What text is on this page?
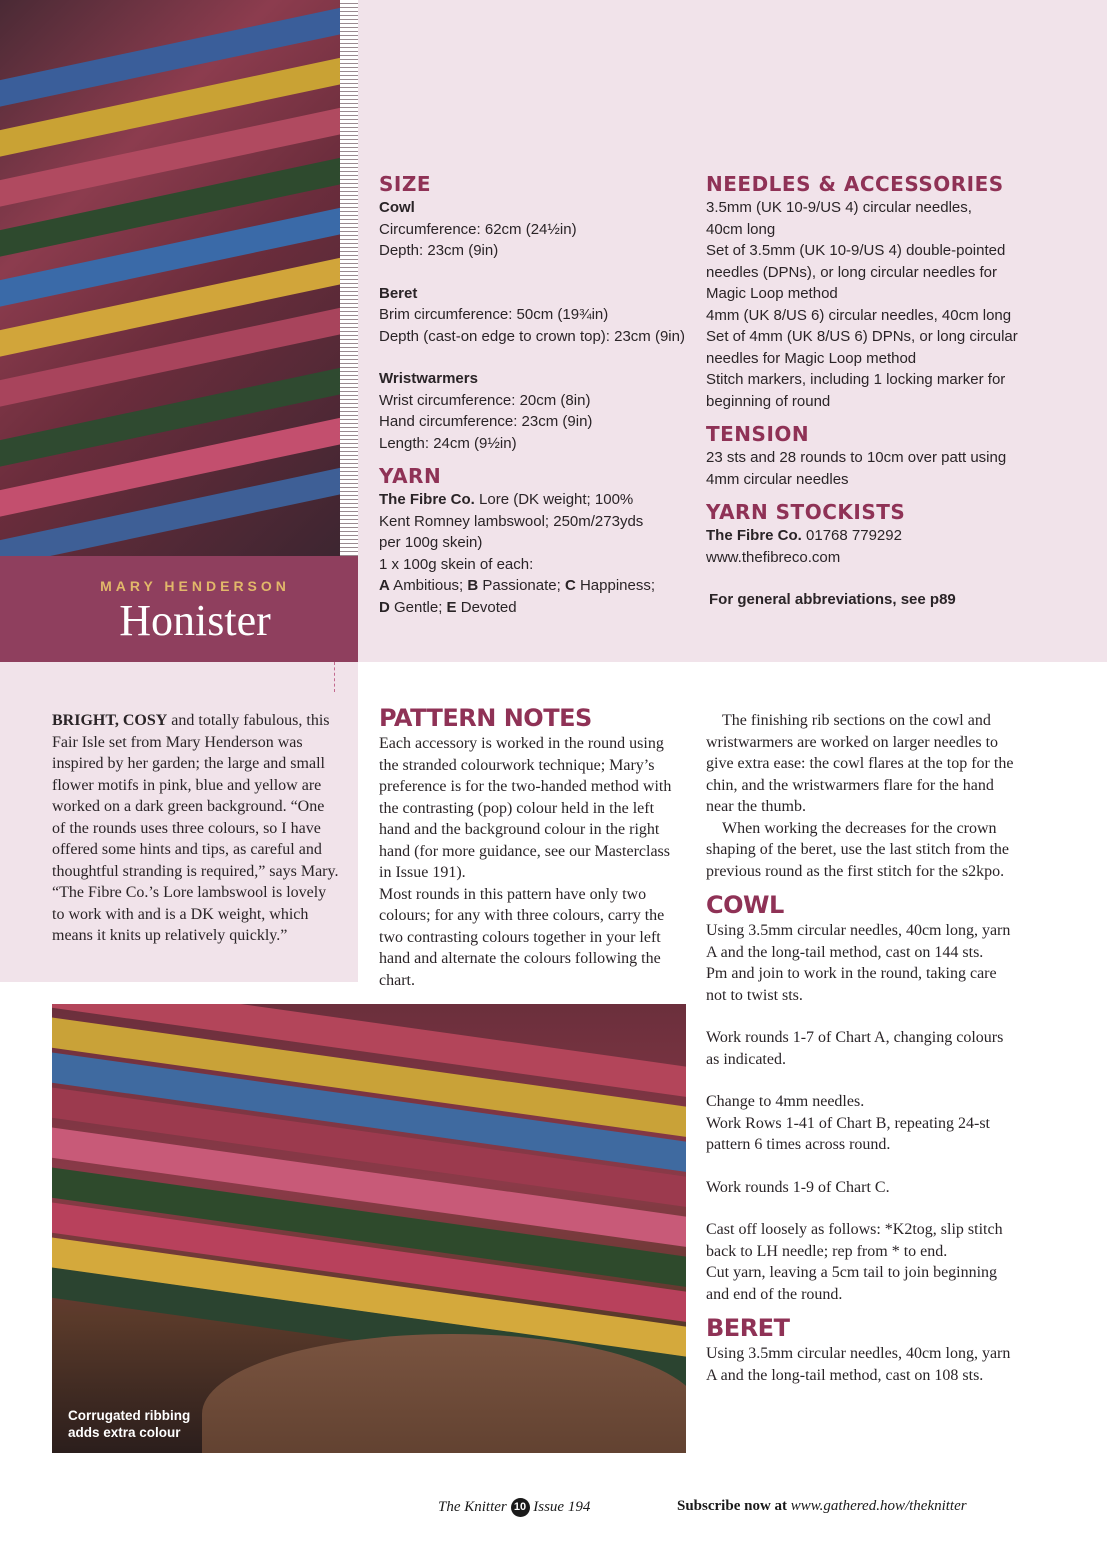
MARY HENDERSON
Honister
SIZE
Cowl
Circumference: 62cm (24½in)
Depth: 23cm (9in)
Beret
Brim circumference: 50cm (19¾in)
Depth (cast-on edge to crown top): 23cm (9in)
Wristwarmers
Wrist circumference: 20cm (8in)
Hand circumference: 23cm (9in)
Length: 24cm (9½in)
YARN
The Fibre Co. Lore (DK weight; 100% Kent Romney lambswool; 250m/273yds per 100g skein)
1 x 100g skein of each:
A Ambitious; B Passionate; C Happiness;
D Gentle; E Devoted
NEEDLES & ACCESSORIES
3.5mm (UK 10-9/US 4) circular needles, 40cm long
Set of 3.5mm (UK 10-9/US 4) double-pointed needles (DPNs), or long circular needles for Magic Loop method
4mm (UK 8/US 6) circular needles, 40cm long
Set of 4mm (UK 8/US 6) DPNs, or long circular needles for Magic Loop method
Stitch markers, including 1 locking marker for beginning of round
TENSION
23 sts and 28 rounds to 10cm over patt using 4mm circular needles
YARN STOCKISTS
The Fibre Co. 01768 779292
www.thefibreco.com
For general abbreviations, see p89
BRIGHT, COSY and totally fabulous, this Fair Isle set from Mary Henderson was inspired by her garden; the large and small flower motifs in pink, blue and yellow are worked on a dark green background. “One of the rounds uses three colours, so I have offered some hints and tips, as careful and thoughtful stranding is required,” says Mary. “The Fibre Co.’s Lore lambswool is lovely to work with and is a DK weight, which means it knits up relatively quickly.”
PATTERN NOTES
Each accessory is worked in the round using the stranded colourwork technique; Mary’s preference is for the two-handed method with the contrasting (pop) colour held in the left hand and the background colour in the right hand (for more guidance, see our Masterclass in Issue 191).
Most rounds in this pattern have only two colours; for any with three colours, carry the two contrasting colours together in your left hand and alternate the colours following the chart.
The finishing rib sections on the cowl and wristwarmers are worked on larger needles to give extra ease: the cowl flares at the top for the chin, and the wristwarmers flare for the hand near the thumb.
When working the decreases for the crown shaping of the beret, use the last stitch from the previous round as the first stitch for the s2kpo.
COWL
Using 3.5mm circular needles, 40cm long, yarn A and the long-tail method, cast on 144 sts.
Pm and join to work in the round, taking care not to twist sts.
Work rounds 1-7 of Chart A, changing colours as indicated.
Change to 4mm needles.
Work Rows 1-41 of Chart B, repeating 24-st pattern 6 times across round.
Work rounds 1-9 of Chart C.
Cast off loosely as follows: *K2tog, slip stitch back to LH needle; rep from * to end.
Cut yarn, leaving a 5cm tail to join beginning and end of the round.
BERET
Using 3.5mm circular needles, 40cm long, yarn A and the long-tail method, cast on 108 sts.
Corrugated ribbing
adds extra colour
The Knitter 10 Issue 194	Subscribe now at www.gathered.how/theknitter
